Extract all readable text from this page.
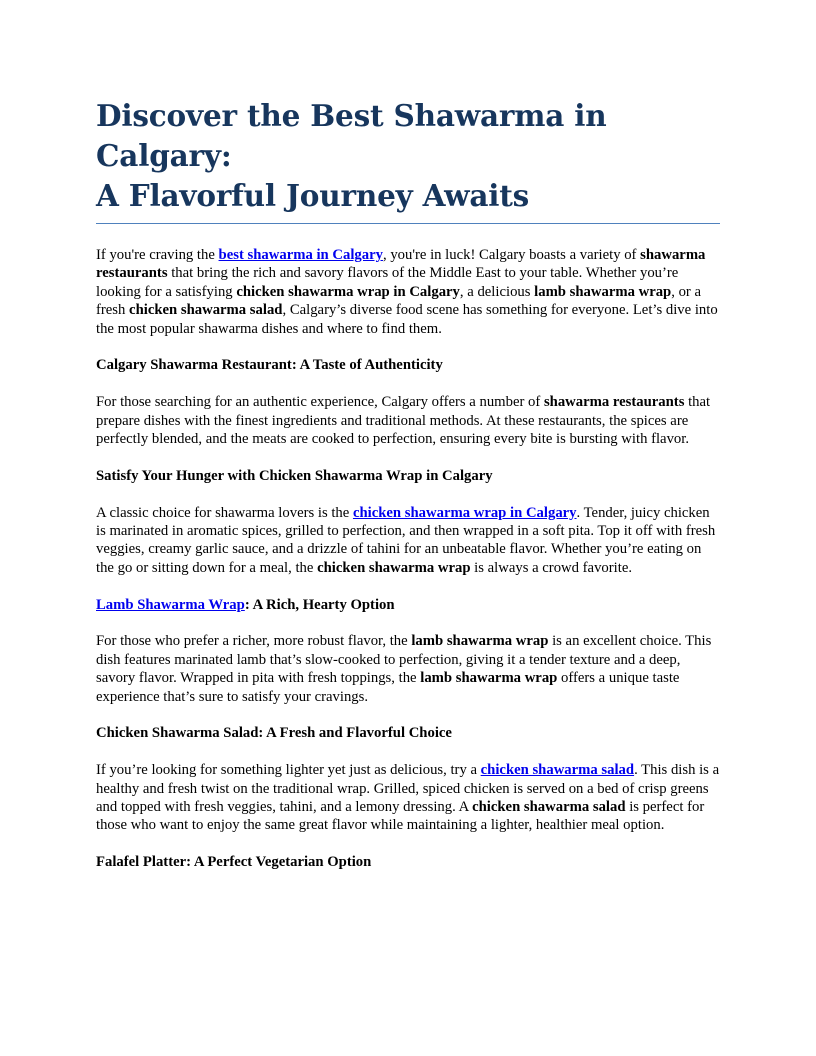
Discover the Best Shawarma in Calgary:
A Flavorful Journey Awaits

If you're craving the best shawarma in Calgary, you're in luck! Calgary boasts a variety of shawarma restaurants that bring the rich and savory flavors of the Middle East to your table. Whether you’re looking for a satisfying chicken shawarma wrap in Calgary, a delicious lamb shawarma wrap, or a fresh chicken shawarma salad, Calgary’s diverse food scene has something for everyone. Let’s dive into the most popular shawarma dishes and where to find them.

Calgary Shawarma Restaurant: A Taste of Authenticity

For those searching for an authentic experience, Calgary offers a number of shawarma restaurants that prepare dishes with the finest ingredients and traditional methods. At these restaurants, the spices are perfectly blended, and the meats are cooked to perfection, ensuring every bite is bursting with flavor.

Satisfy Your Hunger with Chicken Shawarma Wrap in Calgary

A classic choice for shawarma lovers is the chicken shawarma wrap in Calgary. Tender, juicy chicken is marinated in aromatic spices, grilled to perfection, and then wrapped in a soft pita. Top it off with fresh veggies, creamy garlic sauce, and a drizzle of tahini for an unbeatable flavor. Whether you’re eating on the go or sitting down for a meal, the chicken shawarma wrap is always a crowd favorite.

Lamb Shawarma Wrap: A Rich, Hearty Option

For those who prefer a richer, more robust flavor, the lamb shawarma wrap is an excellent choice. This dish features marinated lamb that’s slow-cooked to perfection, giving it a tender texture and a deep, savory flavor. Wrapped in pita with fresh toppings, the lamb shawarma wrap offers a unique taste experience that’s sure to satisfy your cravings.

Chicken Shawarma Salad: A Fresh and Flavorful Choice

If you’re looking for something lighter yet just as delicious, try a chicken shawarma salad. This dish is a healthy and fresh twist on the traditional wrap. Grilled, spiced chicken is served on a bed of crisp greens and topped with fresh veggies, tahini, and a lemony dressing. A chicken shawarma salad is perfect for those who want to enjoy the same great flavor while maintaining a lighter, healthier meal option.

Falafel Platter: A Perfect Vegetarian Option
